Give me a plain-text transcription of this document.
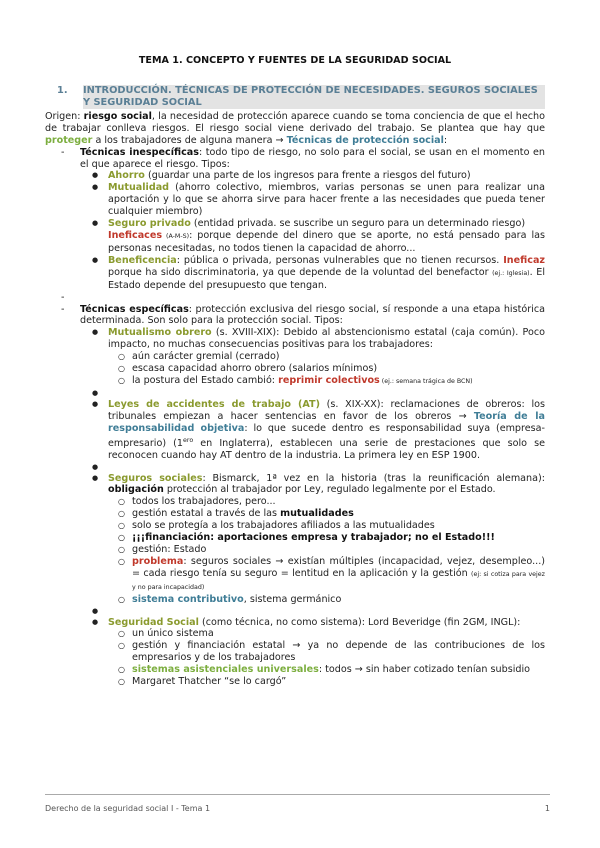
TEMA 1. CONCEPTO Y FUENTES DE LA SEGURIDAD SOCIAL
1.	INTRODUCCIÓN. TÉCNICAS DE PROTECCIÓN DE NECESIDADES. SEGUROS SOCIALES Y SEGURIDAD SOCIAL

Origen: riesgo social, la necesidad de protección aparece cuando se toma conciencia de que el hecho de trabajar conlleva riesgos. El riesgo social viene derivado del trabajo. Se plantea que hay que proteger a los trabajadores de alguna manera → Técnicas de protección social:

- Técnicas inespecíficas: todo tipo de riesgo, no solo para el social, se usan en el momento en el que aparece el riesgo. Tipos:

● Ahorro (guardar una parte de los ingresos para frente a riesgos del futuro)

● Mutualidad (ahorro colectivo, miembros, varias personas se unen para realizar una aportación y lo que se ahorra sirve para hacer frente a las necesidades que pueda tener cualquier miembro)

● Seguro privado (entidad privada. se suscribe un seguro para un determinado riesgo)
Ineficaces (A-M-S): porque depende del dinero que se aporte, no está pensado para las personas necesitadas, no todos tienen la capacidad de ahorro...

● Beneficencia: pública o privada, personas vulnerables que no tienen recursos. Ineficaz porque ha sido discriminatoria, ya que depende de la voluntad del benefactor (ej.: Iglesia). El Estado depende del presupuesto que tengan.

-

- Técnicas específicas: protección exclusiva del riesgo social, sí responde a una etapa histórica determinada. Son solo para la protección social. Tipos:

● Mutualismo obrero (s. XVIII-XIX): Debido al abstencionismo estatal (caja común). Poco impacto, no muchas consecuencias positivas para los trabajadores:

○ aún carácter gremial (cerrado)
○ escasa capacidad ahorro obrero (salarios mínimos)
○ la postura del Estado cambió: reprimir colectivos (ej.: semana trágica de BCN)
●

● Leyes de accidentes de trabajo (AT) (s. XIX-XX): reclamaciones de obreros: los tribunales empiezan a hacer sentencias en favor de los obreros → Teoría de la responsabilidad objetiva: lo que sucede dentro es responsabilidad suya (empresa-empresario) ($1^{ero}$ en Inglaterra), establecen una serie de prestaciones que solo se reconocen cuando hay AT dentro de la industria. La primera ley en ESP 1900.

●

● Seguros sociales: Bismarck, 1ª vez en la historia (tras la reunificación alemana): obligación protección al trabajador por Ley, regulado legalmente por el Estado.

○ todos los trabajadores, pero...
○ gestión estatal a través de las mutualidades
○ solo se protegía a los trabajadores afiliados a las mutualidades
○ ¡¡¡financiación: aportaciones empresa y trabajador; no el Estado!!!
○ gestión: Estado

○ problema: seguros sociales → existían múltiples (incapacidad, vejez, desempleo...) = cada riesgo tenía su seguro = lentitud en la aplicación y la gestión (ej: si cotiza para vejez y no para incapacidad)

○ sistema contributivo, sistema germánico
●

● Seguridad Social (como técnica, no como sistema): Lord Beveridge (fin 2GM, INGL):

○ un único sistema

○ gestión y financiación estatal → ya no depende de las contribuciones de los empresarios y de los trabajadores

○ sistemas asistenciales universales: todos → sin haber cotizado tenían subsidio

○ Margaret Thatcher “se lo cargó”
Derecho de la seguridad social I - Tema 1	1
